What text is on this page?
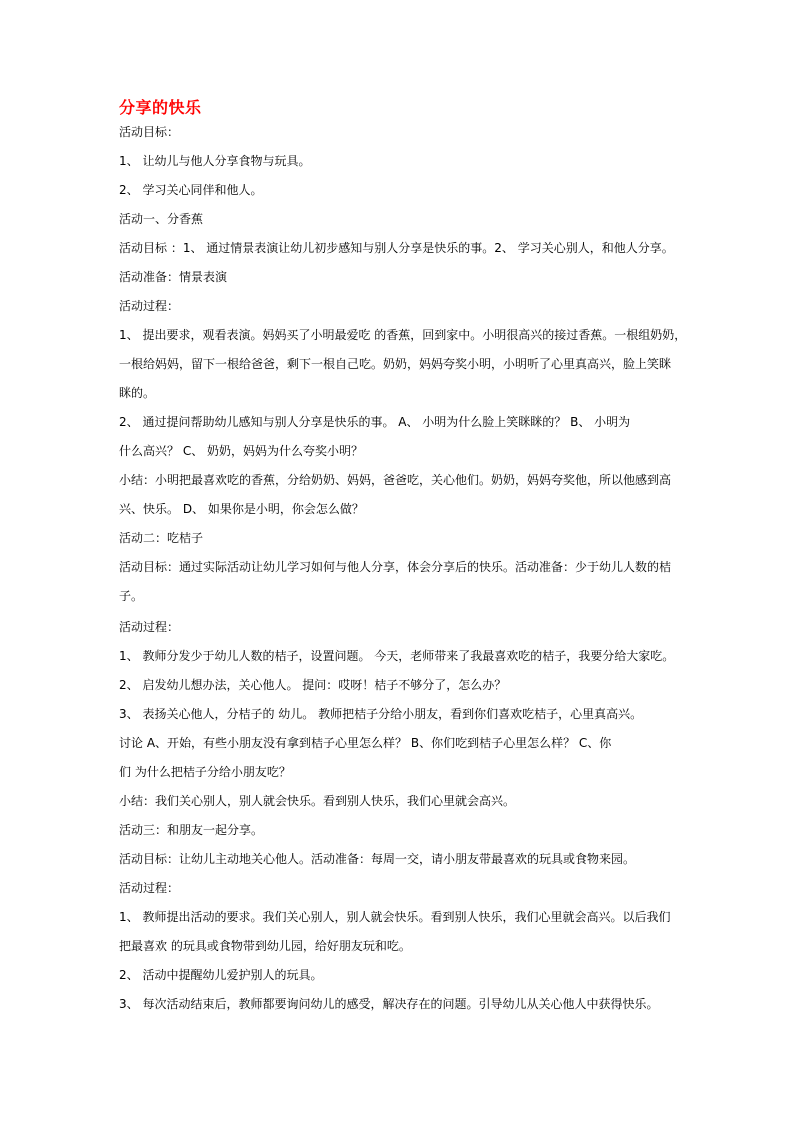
分享的快乐
活动目标：
1、 让幼儿与他人分享食物与玩具。
2、 学习关心同伴和他人。
活动一、分香蕉
活动目标 ：1、 通过情景表演让幼儿初步感知与别人分享是快乐的事。2、 学习关心别人，和他人分享。
活动准备：情景表演
活动过程：
1、 提出要求，观看表演。妈妈买了小明最爱吃 的香蕉，回到家中。小明很高兴的接过香蕉。一根组奶奶，
一根给妈妈，留下一根给爸爸，剩下一根自己吃。奶奶，妈妈夸奖小明，小明听了心里真高兴，脸上笑眯
眯的。
2、 通过提问帮助幼儿感知与别人分享是快乐的事。 A、 小明为什么脸上笑眯眯的？ B、 小明为
什么高兴？ C、 奶奶，妈妈为什么夸奖小明？
小结：小明把最喜欢吃的香蕉，分给奶奶、妈妈，爸爸吃，关心他们。奶奶，妈妈夸奖他，所以他感到高
兴、快乐。 D、 如果你是小明，你会怎么做？
活动二：吃桔子
活动目标：通过实际活动让幼儿学习如何与他人分享，体会分享后的快乐。活动准备：少于幼儿人数的桔
子。
活动过程：
1、 教师分发少于幼儿人数的桔子，设置问题。 今天，老师带来了我最喜欢吃的桔子，我要分给大家吃。
2、 启发幼儿想办法，关心他人。 提问：哎呀！桔子不够分了，怎么办？
3、 表扬关心他人，分桔子的 幼儿。 教师把桔子分给小朋友，看到你们喜欢吃桔子，心里真高兴。
讨论 A、开始，有些小朋友没有拿到桔子心里怎么样？ B、你们吃到桔子心里怎么样？ C、你
们 为什么把桔子分给小朋友吃？
小结：我们关心别人，别人就会快乐。看到别人快乐，我们心里就会高兴。
活动三：和朋友一起分享。
活动目标：让幼儿主动地关心他人。活动准备：每周一交，请小朋友带最喜欢的玩具或食物来园。
活动过程：
1、 教师提出活动的要求。我们关心别人，别人就会快乐。看到别人快乐，我们心里就会高兴。以后我们
把最喜欢 的玩具或食物带到幼儿园，给好朋友玩和吃。
2、 活动中提醒幼儿爱护别人的玩具。
3、 每次活动结束后，教师都要询问幼儿的感受，解决存在的问题。引导幼儿从关心他人中获得快乐。
